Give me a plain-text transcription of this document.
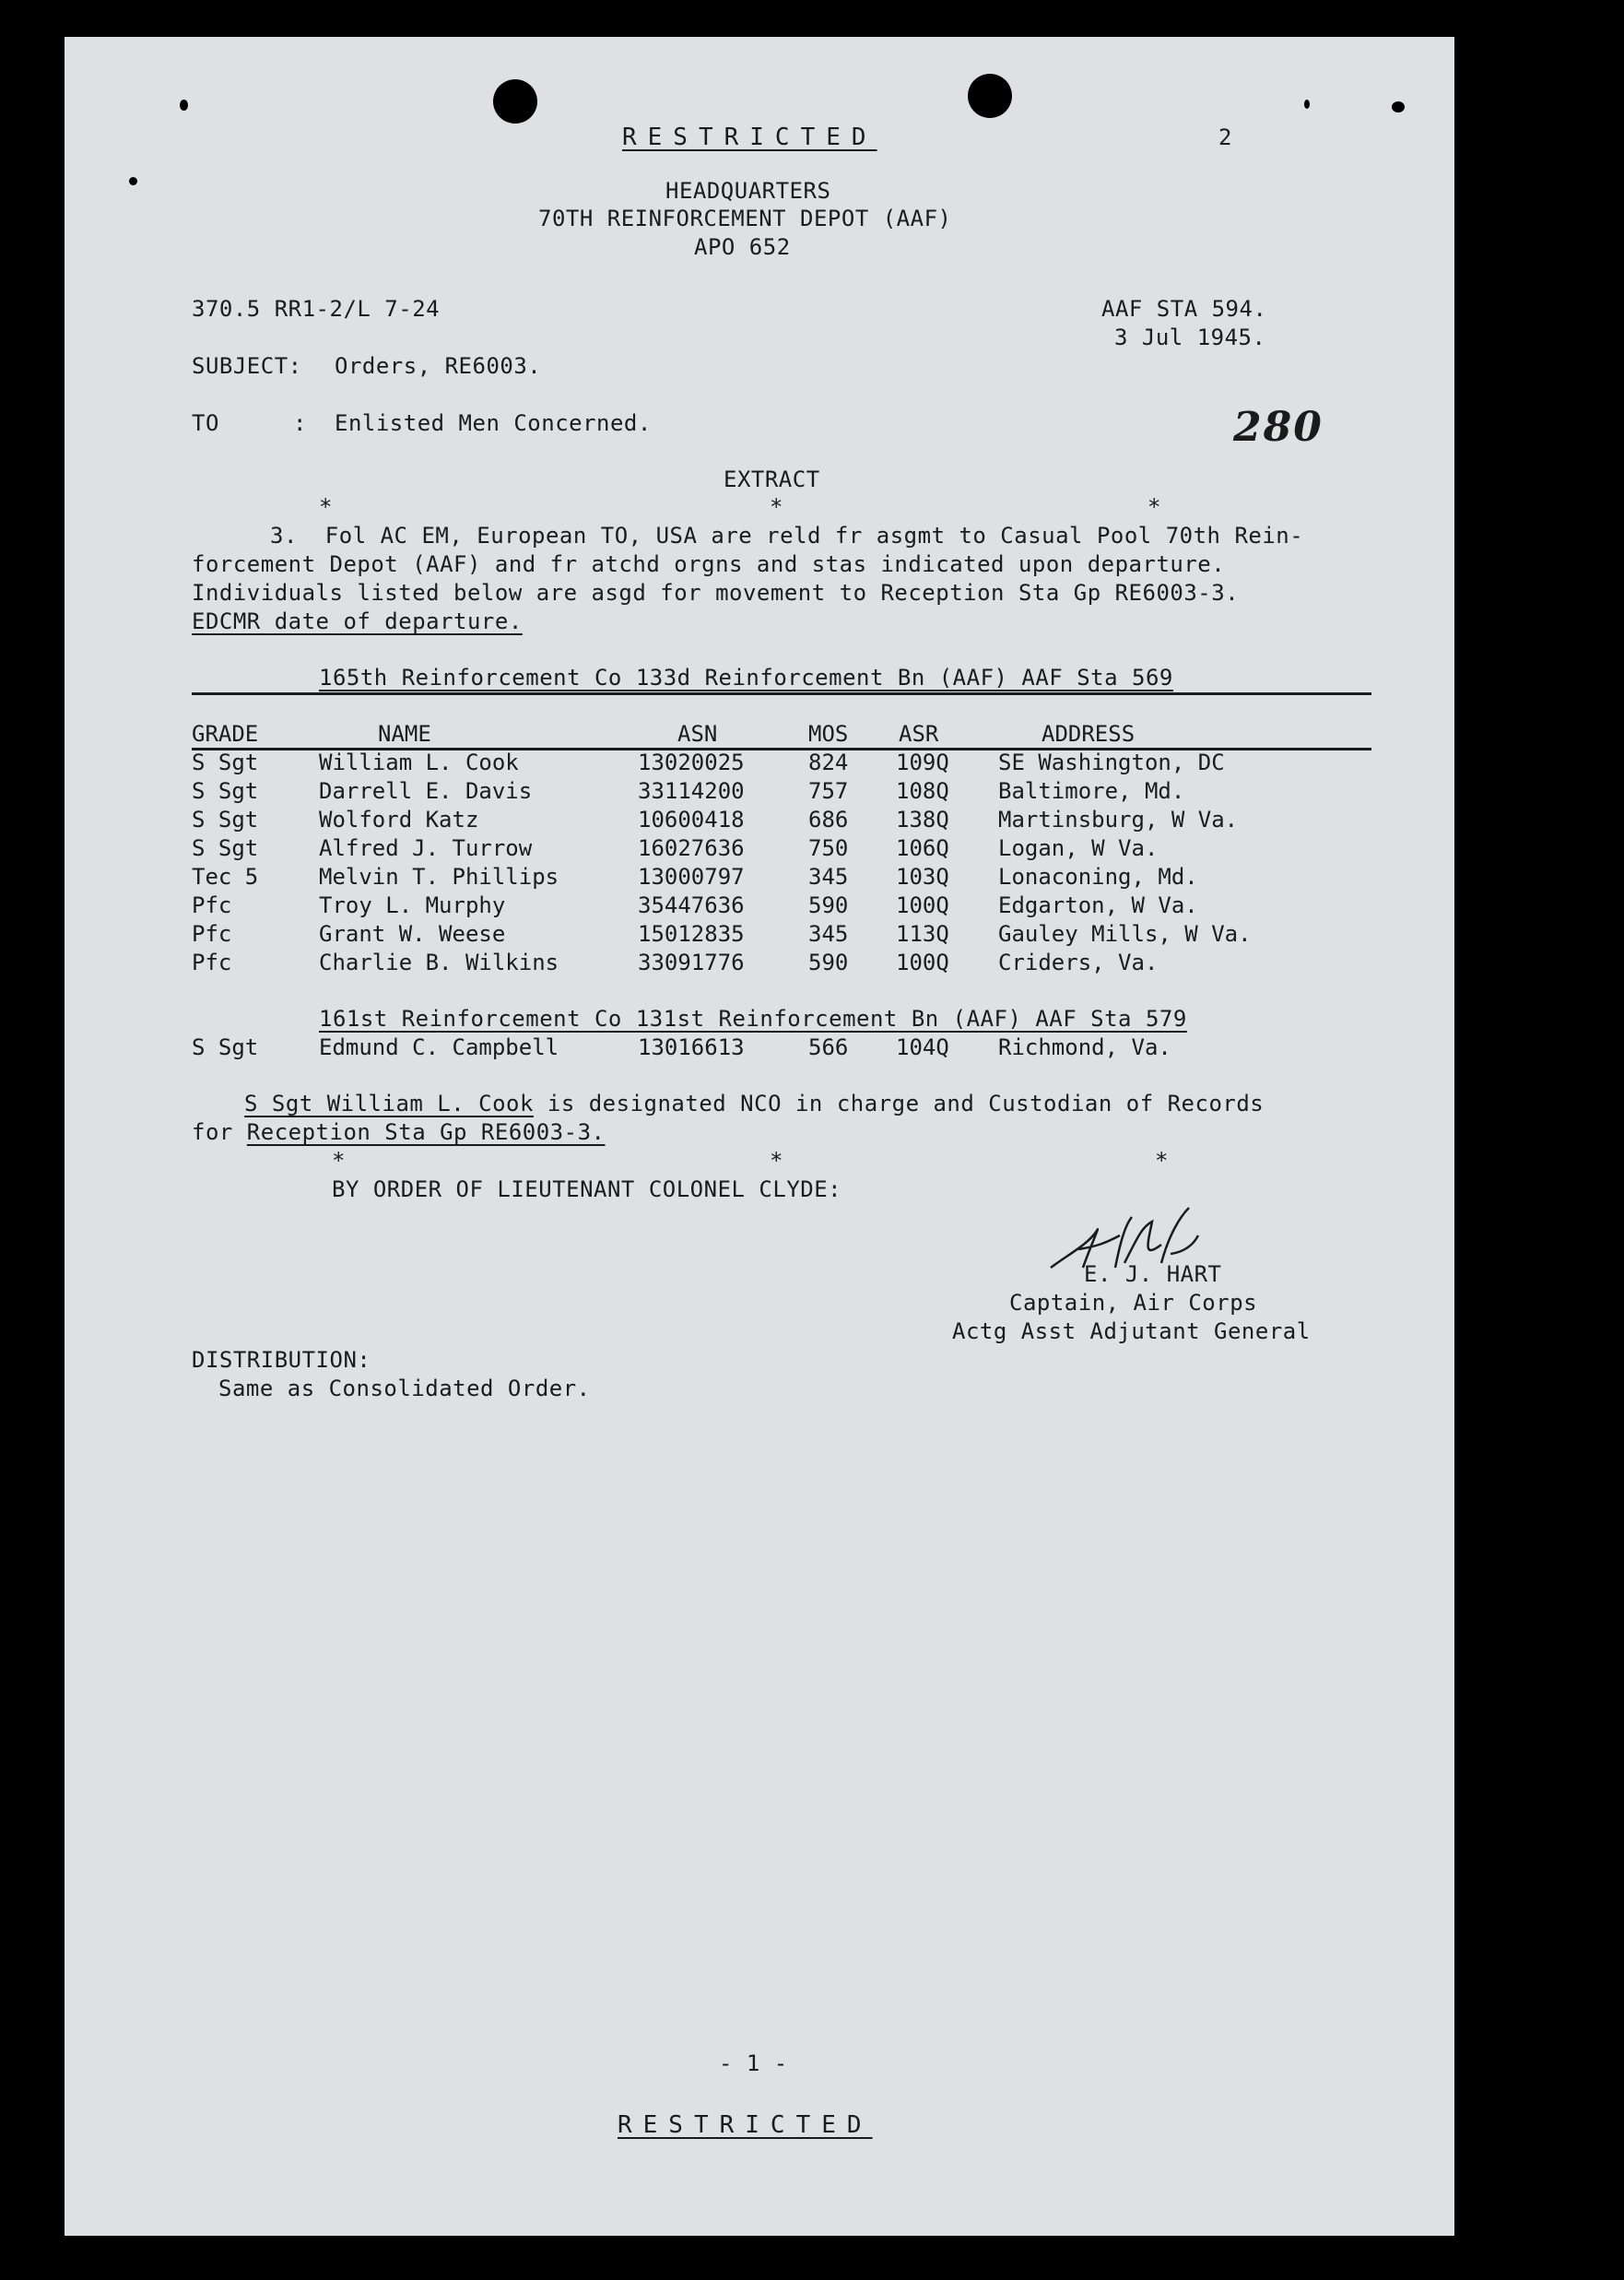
RESTRICTED	2
HEADQUARTERS
70TH REINFORCEMENT DEPOT (AAF)
APO 652
370.5 RR1-2/L 7-24	AAF STA 594.
3 Jul 1945.
SUBJECT: Orders, RE6003.
TO	: Enlisted Men Concerned.	280
EXTRACT
*	*	*
3.  Fol AC EM, European TO, USA are reld fr asgmt to Casual Pool 70th Rein-
forcement Depot (AAF) and fr atchd orgns and stas indicated upon departure.
Individuals listed below are asgd for movement to Reception Sta Gp RE6003-3.
EDCMR date of departure.
165th Reinforcement Co 133d Reinforcement Bn (AAF) AAF Sta 569
GRADE	NAME	ASN	MOS ASR	ADDRESS
S Sgt	William L. Cook	13020025	824 109Q SE Washington, DC
S Sgt	Darrell E. Davis	33114200	757 108Q Baltimore, Md.
S Sgt	Wolford Katz	10600418	686 138Q Martinsburg, W Va.
S Sgt	Alfred J. Turrow	16027636	750 106Q Logan, W Va.
Tec 5	Melvin T. Phillips	13000797	345 103Q Lonaconing, Md.
Pfc	Troy L. Murphy	35447636	590 100Q Edgarton, W Va.
Pfc	Grant W. Weese	15012835	345 113Q Gauley Mills, W Va.
Pfc	Charlie B. Wilkins	33091776	590 100Q Criders, Va.
161st Reinforcement Co 131st Reinforcement Bn (AAF) AAF Sta 579
S Sgt	Edmund C. Campbell	13016613	566 104Q Richmond, Va.
S Sgt William L. Cook is designated NCO in charge and Custodian of Records
for Reception Sta Gp RE6003-3.
*	*	*
BY ORDER OF LIEUTENANT COLONEL CLYDE:
E. J. HART
Captain, Air Corps
Actg Asst Adjutant General
DISTRIBUTION:
Same as Consolidated Order.
- 1 -
RESTRICTED
